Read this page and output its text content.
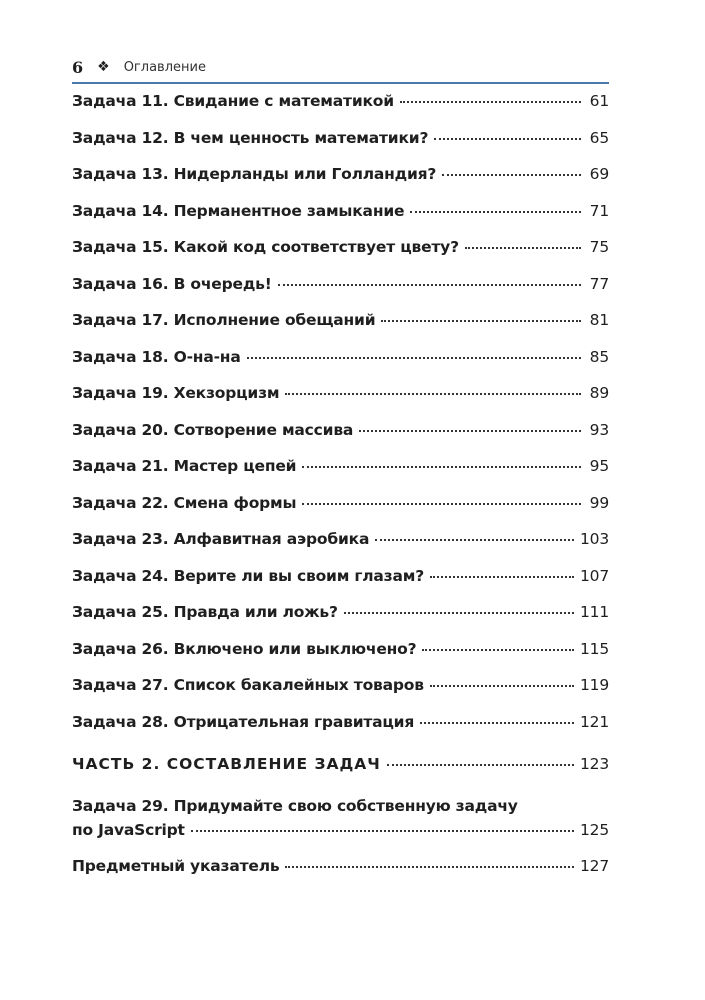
6 ❖ Оглавление
Задача 11. Свидание с математикой	61
Задача 12. В чем ценность математики?	65
Задача 13. Нидерланды или Голландия?	69
Задача 14. Перманентное замыкание	71
Задача 15. Какой код соответствует цвету?	75
Задача 16. В очередь!	77
Задача 17. Исполнение обещаний	81
Задача 18. О-на-на	85
Задача 19. Хекзорцизм	89
Задача 20. Сотворение массива	93
Задача 21. Мастер цепей	95
Задача 22. Смена формы	99
Задача 23. Алфавитная аэробика	103
Задача 24. Верите ли вы своим глазам?	107
Задача 25. Правда или ложь?	111
Задача 26. Включено или выключено?	115
Задача 27. Список бакалейных товаров	119
Задача 28. Отрицательная гравитация	121
ЧАСТЬ 2. СОСТАВЛЕНИЕ ЗАДАЧ	123
Задача 29. Придумайте свою собственную задачу
по JavaScript	125
Предметный указатель	127
